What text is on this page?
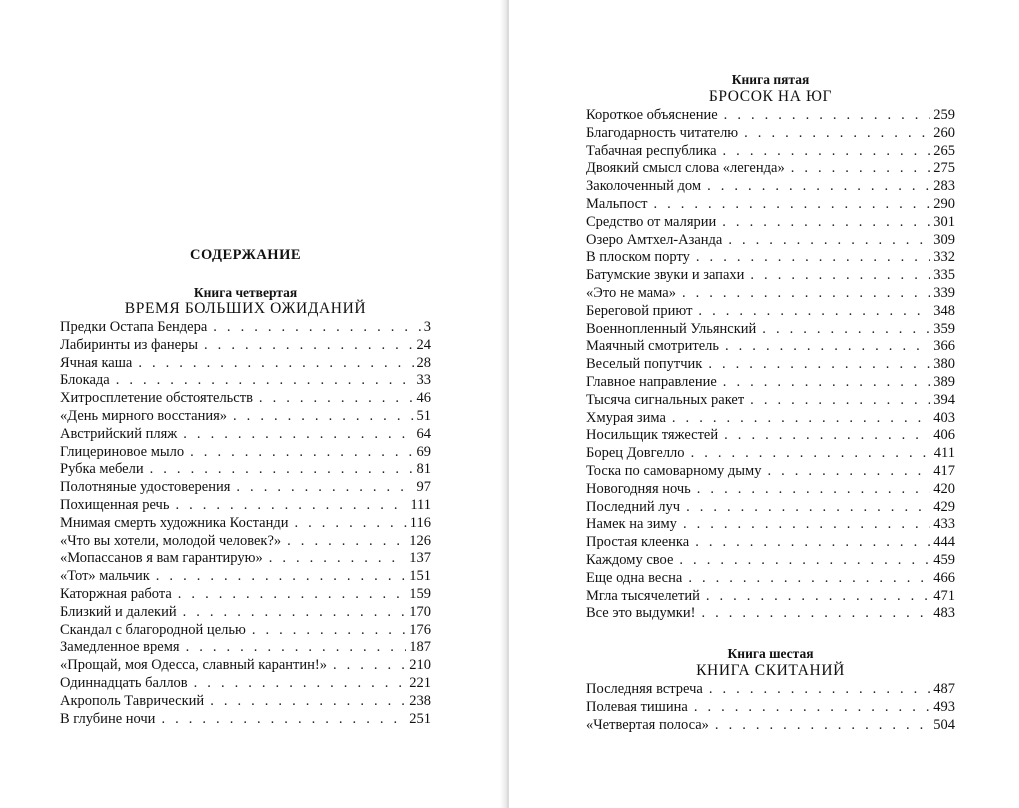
СОДЕРЖАНИЕ
Книга четвертая
ВРЕМЯ БОЛЬШИХ ОЖИДАНИЙ
Предки Остапа Бендера . . .	3
Лабиринты из фанеры . . .	24
Ячная каша . . .	28
Блокада . . .	33
Хитросплетение обстоятельств . . .	46
«День мирного восстания» . . .	51
Австрийский пляж . . .	64
Глицериновое мыло . . .	69
Рубка мебели . . .	81
Полотняные удостоверения . . .	97
Похищенная речь . . .	111
Мнимая смерть художника Костанди . . .	116
«Что вы хотели, молодой человек?» . . .	126
«Мопассанов я вам гарантирую» . . .	137
«Тот» мальчик . . .	151
Каторжная работа . . .	159
Близкий и далекий . . .	170
Скандал с благородной целью . . .	176
Замедленное время . . .	187
«Прощай, моя Одесса, славный карантин!» . . .	210
Одиннадцать баллов . . .	221
Акрополь Таврический . . .	238
В глубине ночи . . .	251
Книга пятая
БРОСОК НА ЮГ
Короткое объяснение . . .	259
Благодарность читателю . . .	260
Табачная республика . . .	265
Двоякий смысл слова «легенда» . . .	275
Заколоченный дом . . .	283
Мальпост . . .	290
Средство от малярии . . .	301
Озеро Амтхел-Азанда . . .	309
В плоском порту . . .	332
Батумские звуки и запахи . . .	335
«Это не мама» . . .	339
Береговой приют . . .	348
Военнопленный Ульянский . . .	359
Маячный смотритель . . .	366
Веселый попутчик . . .	380
Главное направление . . .	389
Тысяча сигнальных ракет . . .	394
Хмурая зима . . .	403
Носильщик тяжестей . . .	406
Борец Довгелло . . .	411
Тоска по самоварному дыму . . .	417
Новогодняя ночь . . .	420
Последний луч . . .	429
Намек на зиму . . .	433
Простая клеенка . . .	444
Каждому свое . . .	459
Еще одна весна . . .	466
Мгла тысячелетий . . .	471
Все это выдумки! . . .	483
Книга шестая
КНИГА СКИТАНИЙ
Последняя встреча . . .	487
Полевая тишина . . .	493
«Четвертая полоса» . . .	504
